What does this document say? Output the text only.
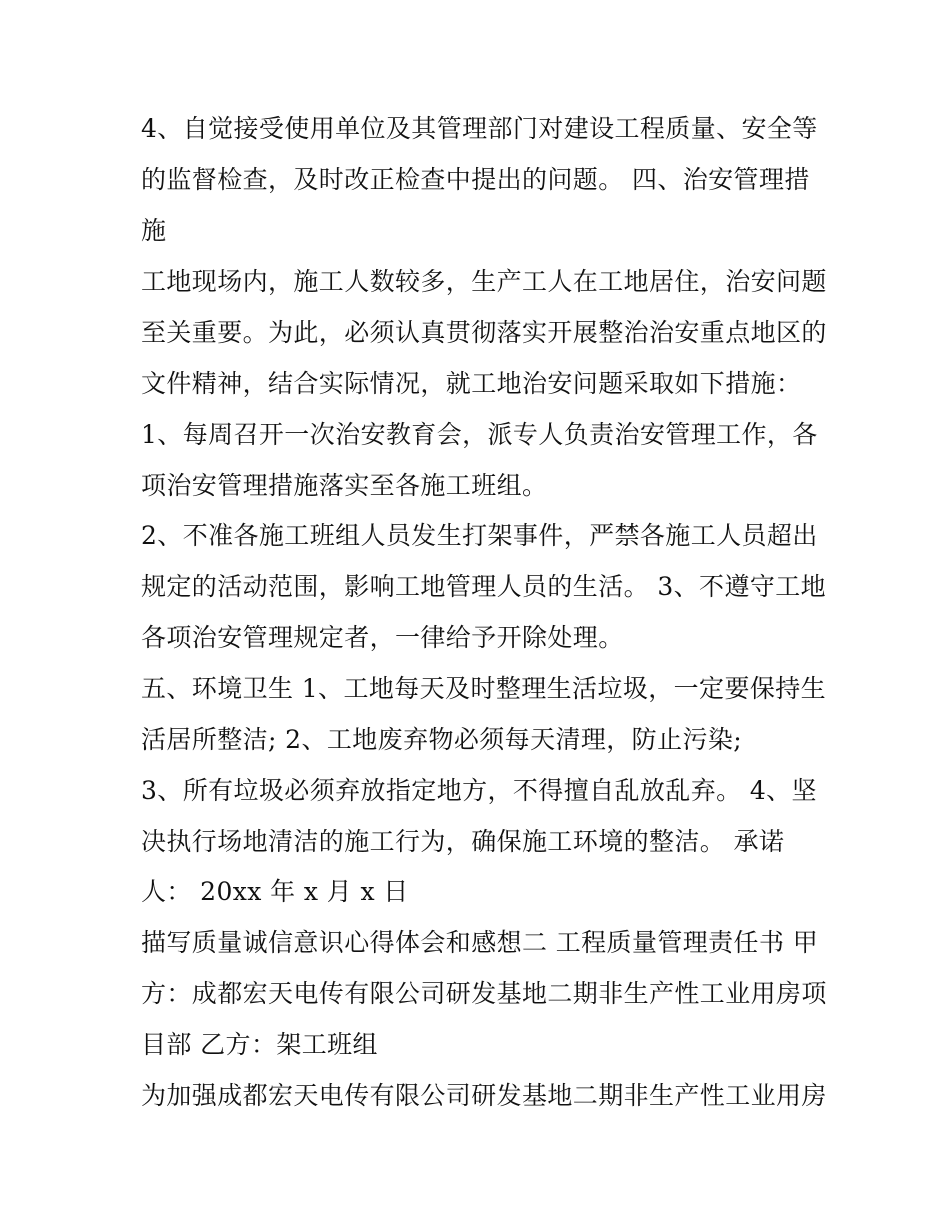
4、自觉接受使用单位及其管理部门对建设工程质量、安全等
的监督检查，及时改正检查中提出的问题。 四、治安管理措
施
工地现场内，施工人数较多，生产工人在工地居住，治安问题
至关重要。为此，必须认真贯彻落实开展整治治安重点地区的
文件精神，结合实际情况，就工地治安问题采取如下措施：
1、每周召开一次治安教育会，派专人负责治安管理工作，各
项治安管理措施落实至各施工班组。
2、不准各施工班组人员发生打架事件，严禁各施工人员超出
规定的活动范围，影响工地管理人员的生活。 3、不遵守工地
各项治安管理规定者，一律给予开除处理。
五、环境卫生 1、工地每天及时整理生活垃圾，一定要保持生
活居所整洁; 2、工地废弃物必须每天清理，防止污染;
3、所有垃圾必须弃放指定地方，不得擅自乱放乱弃。 4、坚
决执行场地清洁的施工行为，确保施工环境的整洁。 承诺
人： 20xx 年 x 月 x 日
描写质量诚信意识心得体会和感想二 工程质量管理责任书 甲
方：成都宏天电传有限公司研发基地二期非生产性工业用房项
目部 乙方：架工班组
为加强成都宏天电传有限公司研发基地二期非生产性工业用房
